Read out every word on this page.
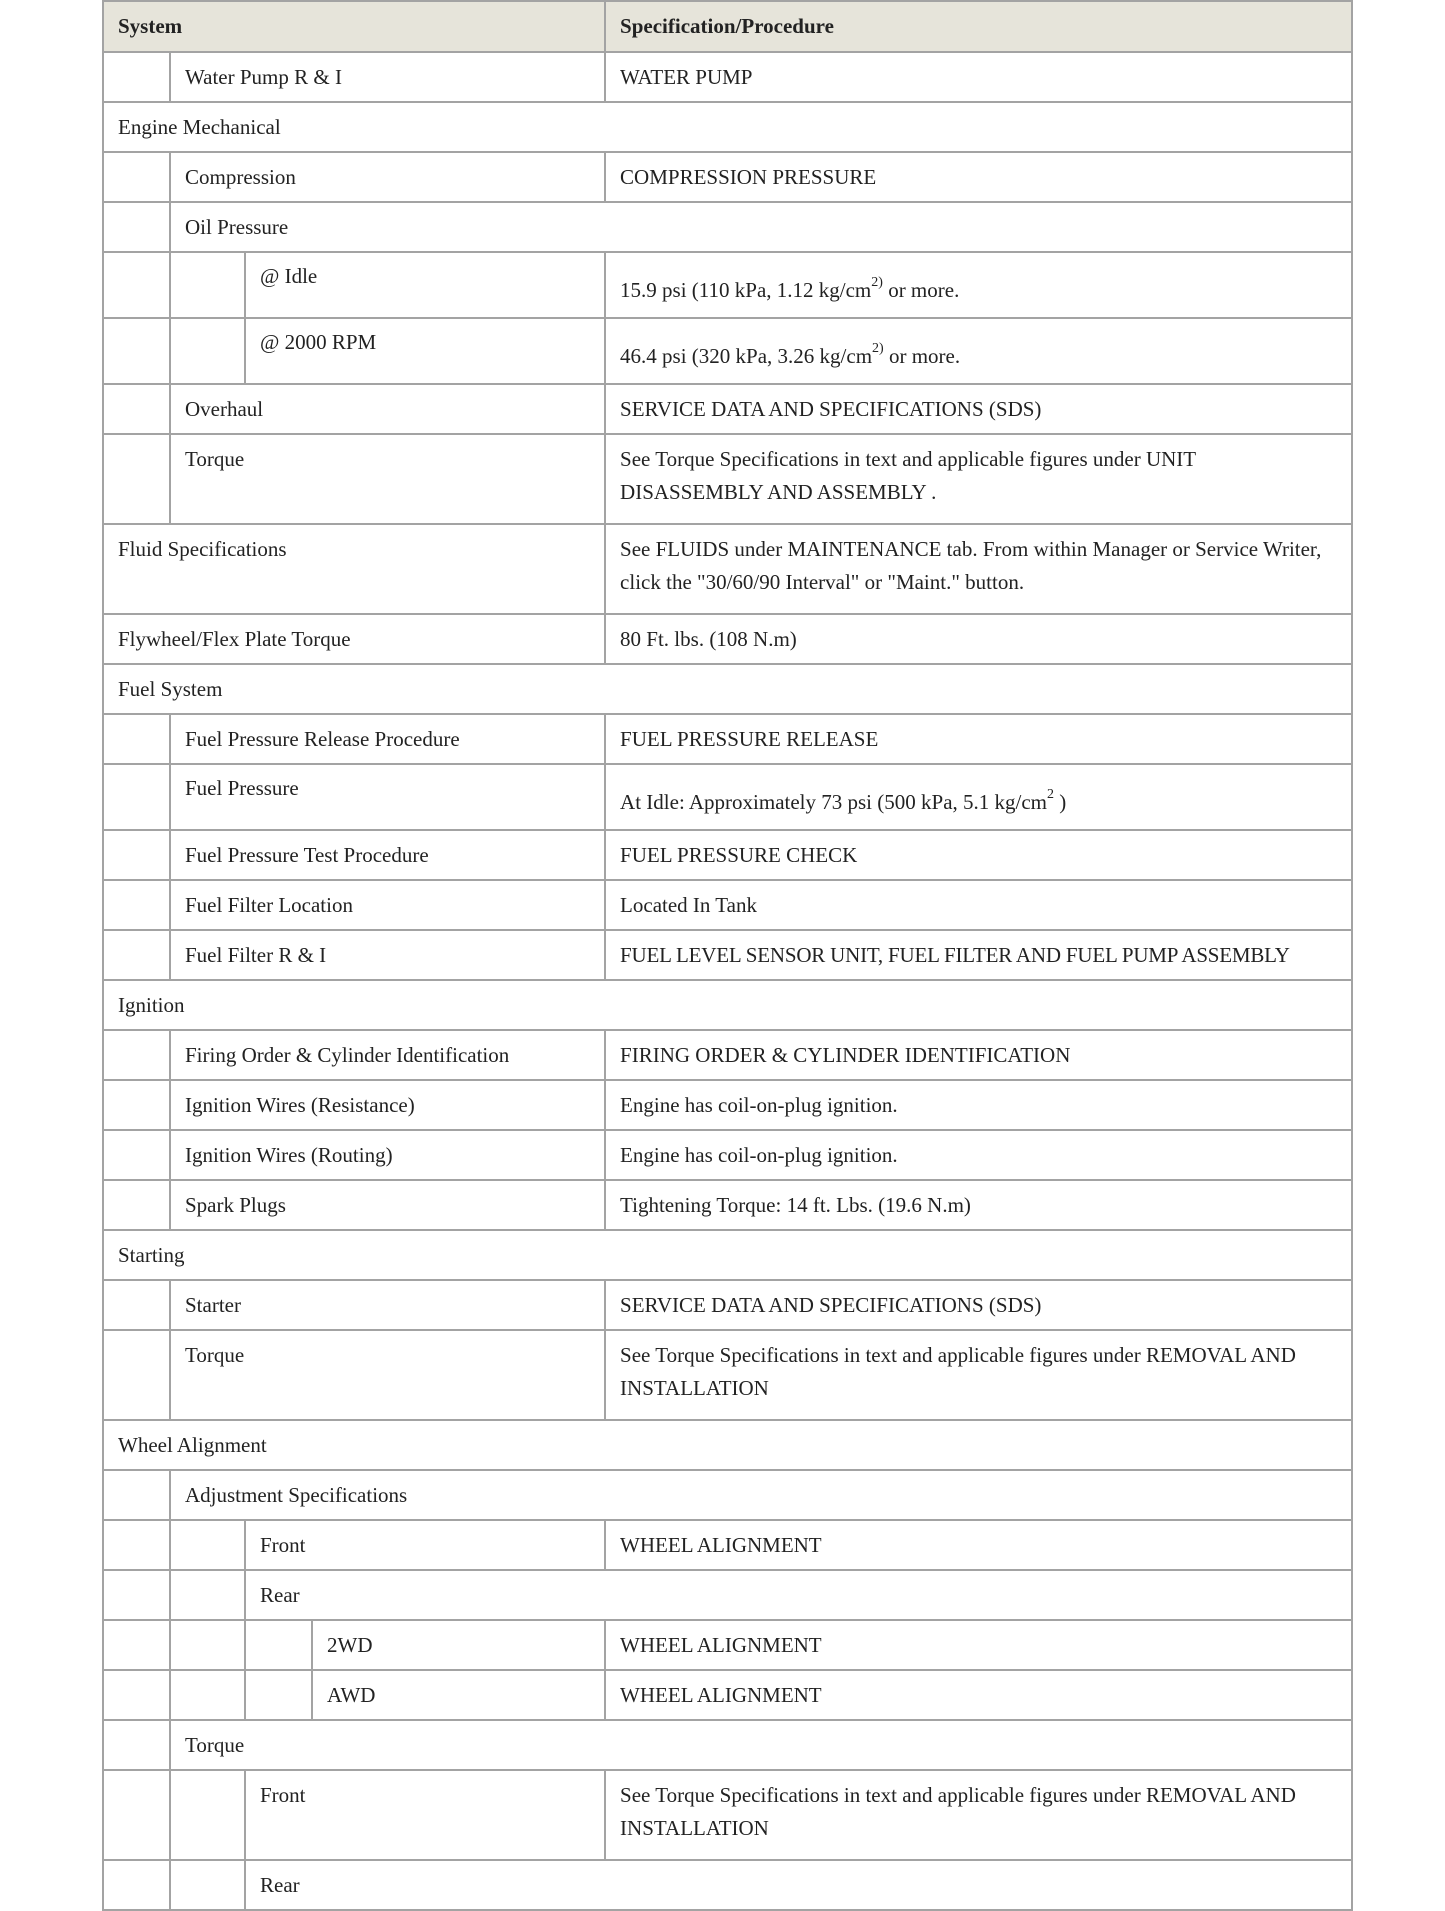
System				Specification/Procedure
	Water Pump R & I			WATER PUMP
Engine Mechanical				
	Compression			COMPRESSION PRESSURE
	Oil Pressure			
		@ Idle		15.9 psi (110 kPa, 1.12 $kg/cm^{2)}$ or more.
		@ 2000 RPM		46.4 psi (320 kPa, 3.26 $kg/cm^{2)}$ or more.
	Overhaul			SERVICE DATA AND SPECIFICATIONS (SDS)
	Torque			See Torque Specifications in text and applicable figures under UNIT DISASSEMBLY AND ASSEMBLY .
Fluid Specifications				See FLUIDS under MAINTENANCE tab. From within Manager or Service Writer, click the "30/60/90 Interval" or "Maint." button.
Flywheel/Flex Plate Torque				80 Ft. lbs. (108 N.m)
Fuel System				
	Fuel Pressure Release Procedure			FUEL PRESSURE RELEASE
	Fuel Pressure			At Idle: Approximately 73 psi (500 kPa, 5.1 $kg/cm^2$ )
	Fuel Pressure Test Procedure			FUEL PRESSURE CHECK
	Fuel Filter Location			Located In Tank
	Fuel Filter R & I			FUEL LEVEL SENSOR UNIT, FUEL FILTER AND FUEL PUMP ASSEMBLY
Ignition				
	Firing Order & Cylinder Identification			FIRING ORDER & CYLINDER IDENTIFICATION
	Ignition Wires (Resistance)			Engine has coil-on-plug ignition.
	Ignition Wires (Routing)			Engine has coil-on-plug ignition.
	Spark Plugs			Tightening Torque: 14 ft. Lbs. (19.6 N.m)
Starting				
	Starter			SERVICE DATA AND SPECIFICATIONS (SDS)
	Torque			See Torque Specifications in text and applicable figures under REMOVAL AND INSTALLATION
Wheel Alignment				
	Adjustment Specifications			
		Front		WHEEL ALIGNMENT
		Rear		
			2WD	WHEEL ALIGNMENT
			AWD	WHEEL ALIGNMENT
	Torque			
		Front		See Torque Specifications in text and applicable figures under REMOVAL AND INSTALLATION
		Rear		
